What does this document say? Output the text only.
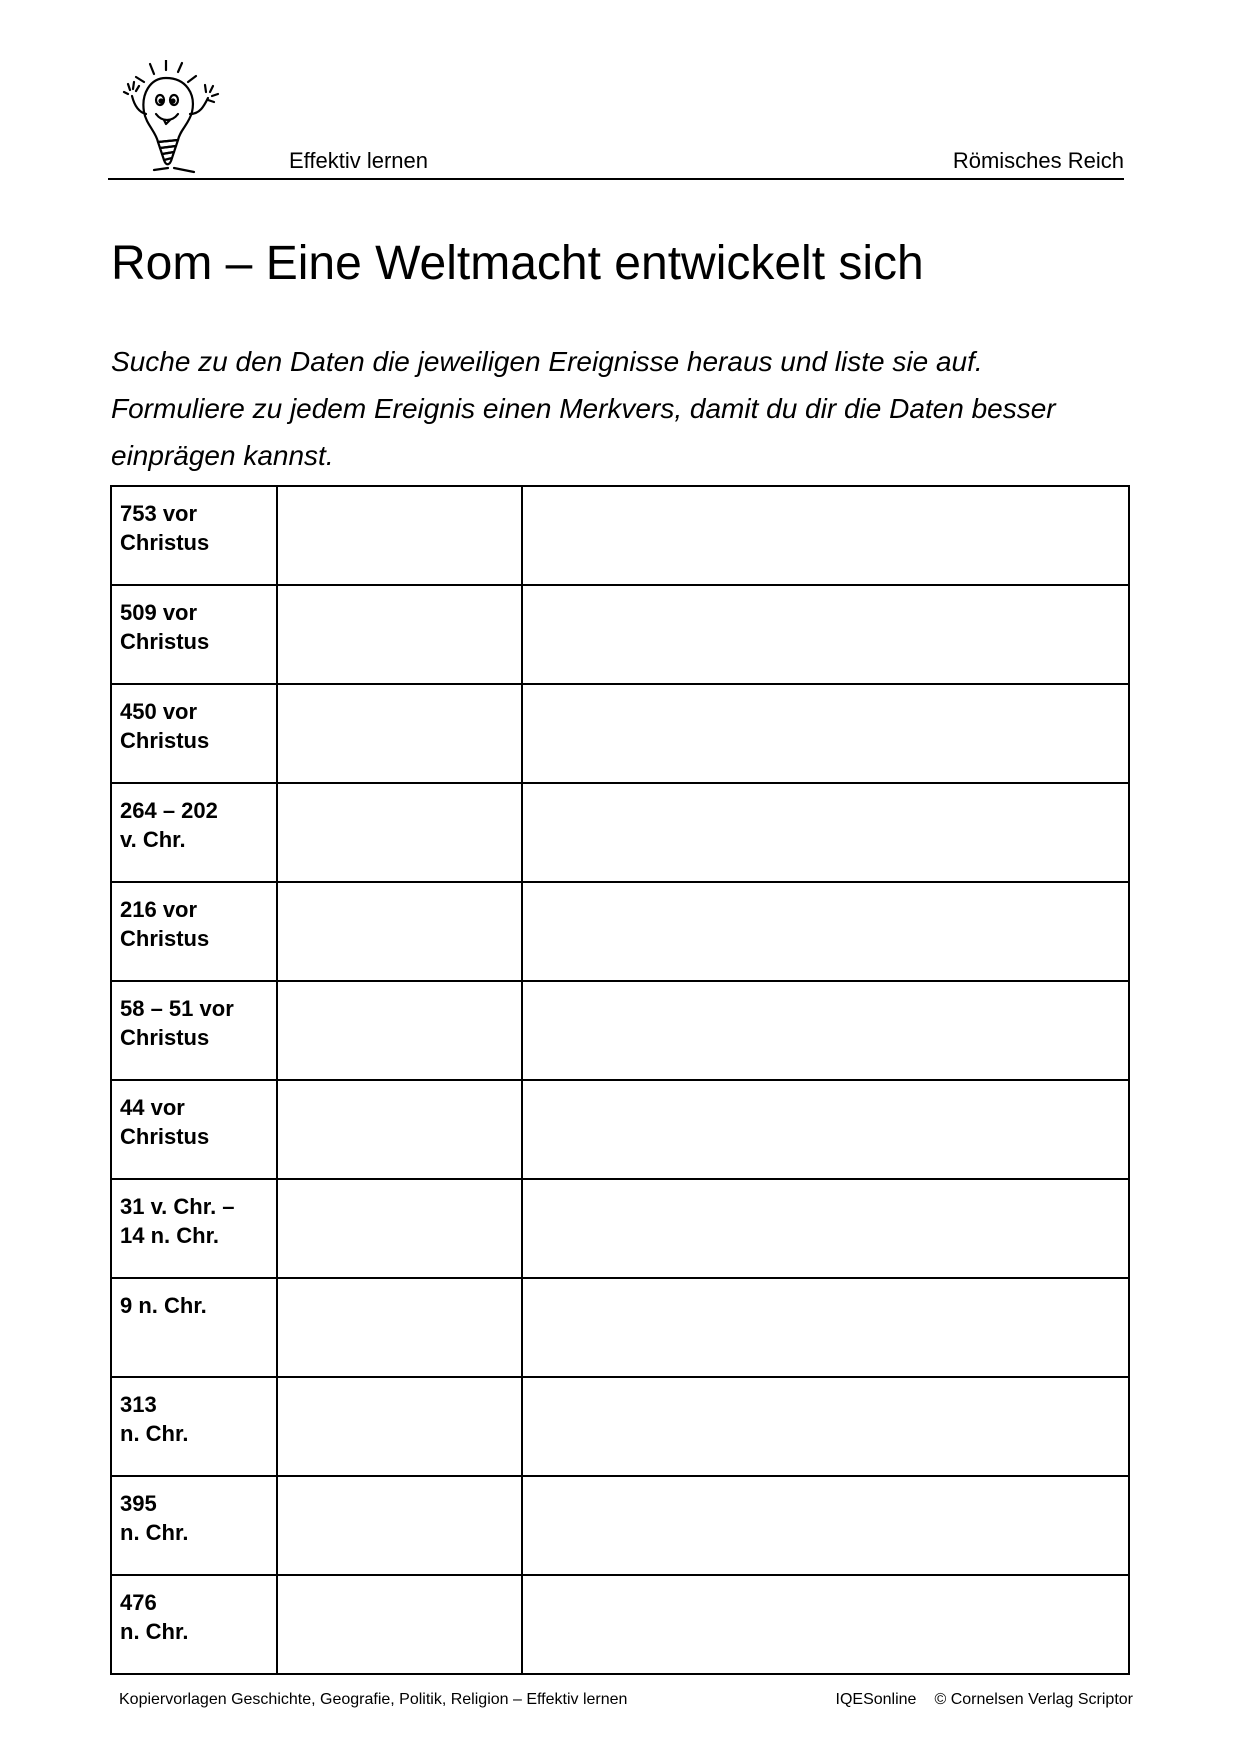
Effektiv lernen	Römisches Reich
Rom – Eine Weltmacht entwickelt sich

Suche zu den Daten die jeweiligen Ereignisse heraus und liste sie auf. Formuliere zu jedem Ereignis einen Merkvers, damit du dir die Daten besser einprägen kannst.

753 vor
Christus		

509 vor
Christus		

450 vor
Christus		

264 – 202
v. Chr.		

216 vor
Christus		

58 – 51 vor
Christus		

44 vor
Christus		

31 v. Chr. –
14 n. Chr.		

9 n. Chr.		

313
n. Chr.		

395
n. Chr.		

476
n. Chr.		

Kopiervorlagen Geschichte, Geografie, Politik, Religion – Effektiv lernen	IQESonline © Cornelsen Verlag Scriptor
